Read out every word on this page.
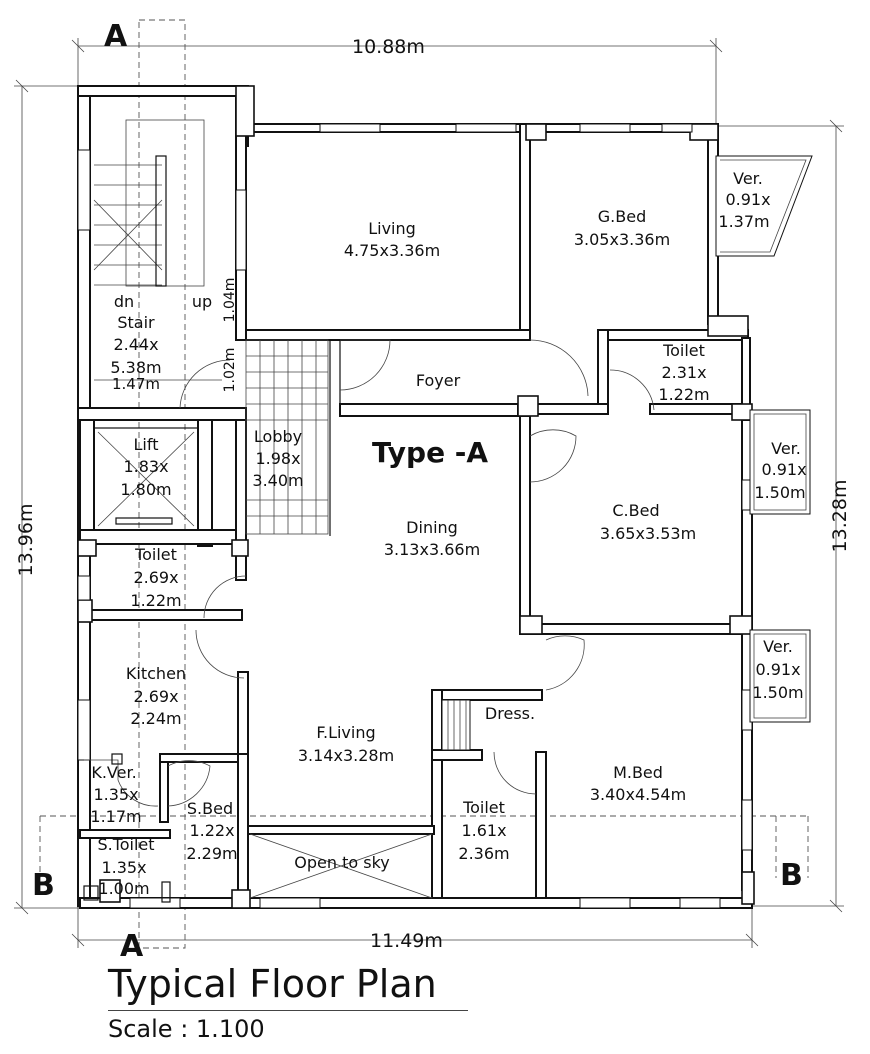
A
A
B	B
10.88m
11.49m
13.96m	13.28m
1.04m
1.02m
Type -A
Living
4.75x3.36m
G.Bed
3.05x3.36m
Ver.
0.91x
1.37m
dn	up
Stair
2.44x
5.38m
1.47m	Foyer
Toilet
2.31x
1.22m
Lift
1.83x
1.80m
Lobby
1.98x
3.40m
Ver.
0.91x
1.50m
Dining
3.13x3.66m
C.Bed
3.65x3.53m
Toilet
2.69x
1.22m
Ver.
0.91x
1.50m
Kitchen
2.69x
2.24m	Dress.
F.Living
3.14x3.28m
M.Bed
3.40x4.54m
K.Ver.
1.35x
1.17m	S.Bed
1.22x
2.29m
Toilet
1.61x
2.36m
S.Toilet
1.35x
1.00m
Open to sky
Typical Floor Plan
Scale : 1.100
